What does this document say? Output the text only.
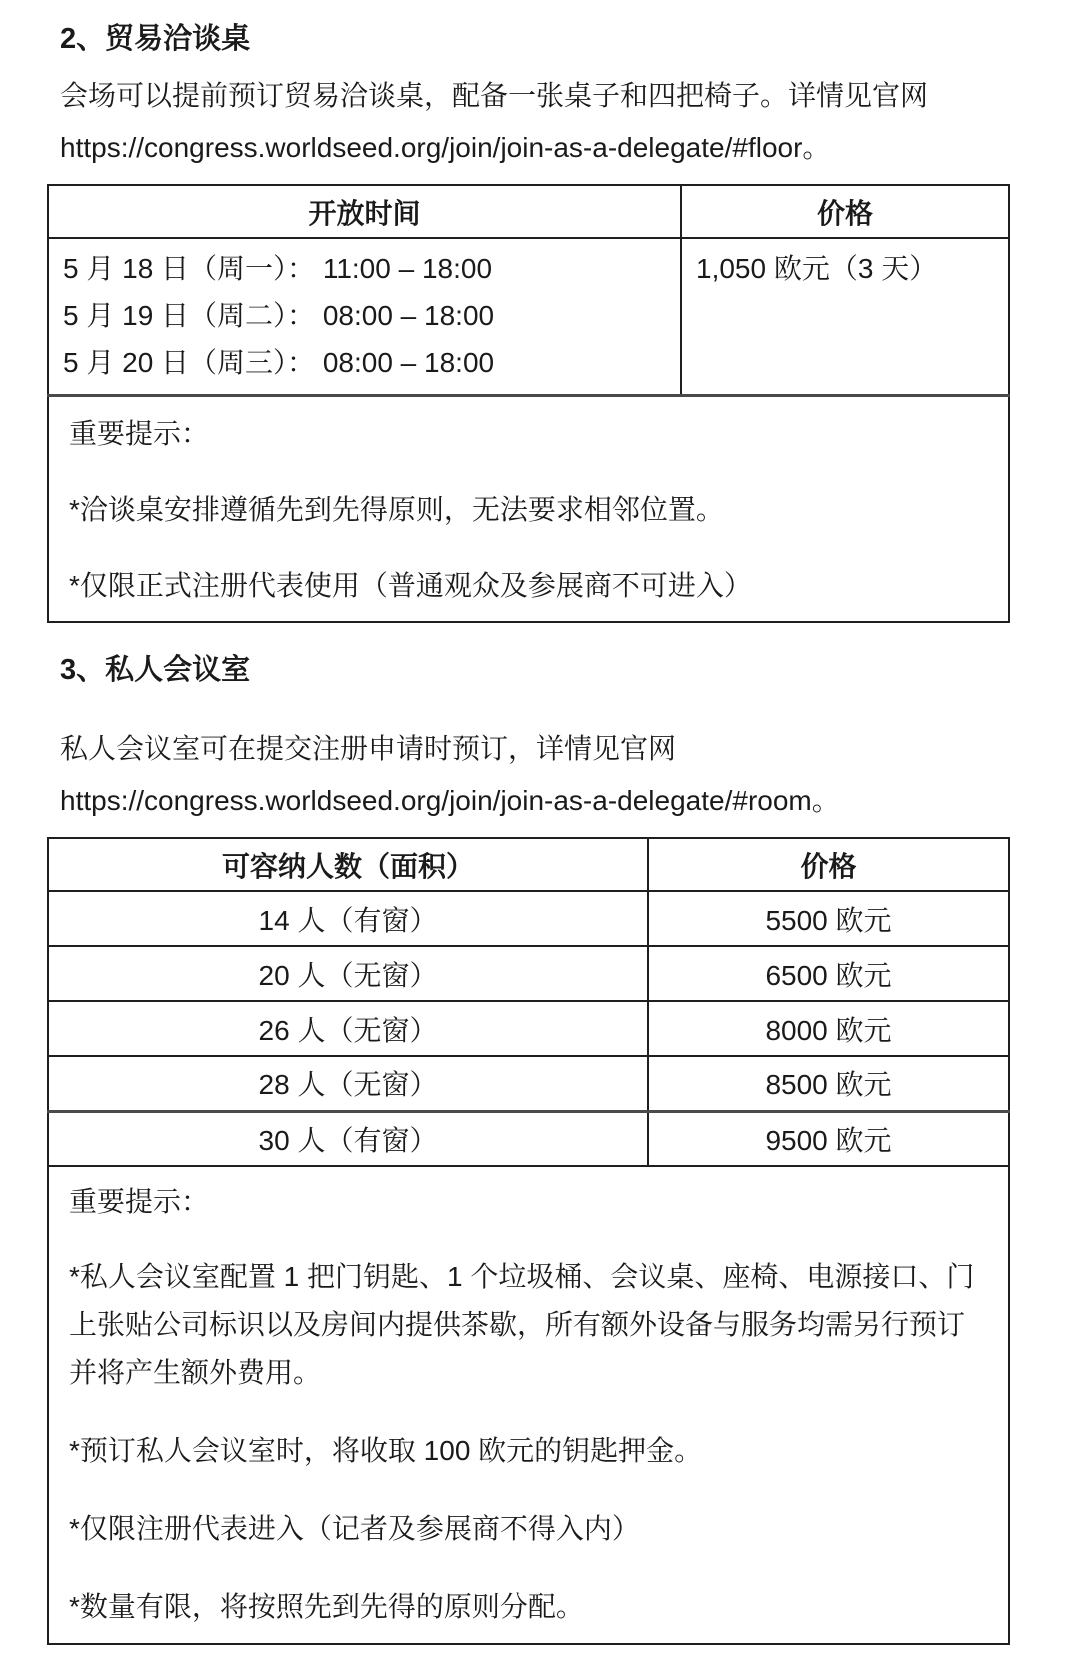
2、贸易洽谈桌

会场可以提前预订贸易洽谈桌，配备一张桌子和四把椅子。详情见官网

https://congress.worldseed.org/join/join-as-a-delegate/#floor。

开放时间	价格

5 月 18 日（周一）： 11:00 – 18:00
5 月 19 日（周二）： 08:00 – 18:00
5 月 20 日（周三）： 08:00 – 18:00	1,050 欧元（3 天）

重要提示：

*洽谈桌安排遵循先到先得原则，无法要求相邻位置。

*仅限正式注册代表使用（普通观众及参展商不可进入）	

3、私人会议室

私人会议室可在提交注册申请时预订，详情见官网

https://congress.worldseed.org/join/join-as-a-delegate/#room。

可容纳人数（面积）	价格
14 人（有窗）	5500 欧元
20 人（无窗）	6500 欧元
26 人（无窗）	8000 欧元
28 人（无窗）	8500 欧元
30 人（有窗）	9500 欧元

重要提示：

*私人会议室配置 1 把门钥匙、1 个垃圾桶、会议桌、座椅、电源接口、门上张贴公司标识以及房间内提供茶歇，所有额外设备与服务均需另行预订并将产生额外费用。

*预订私人会议室时，将收取 100 欧元的钥匙押金。

*仅限注册代表进入（记者及参展商不得入内）

*数量有限，将按照先到先得的原则分配。	
